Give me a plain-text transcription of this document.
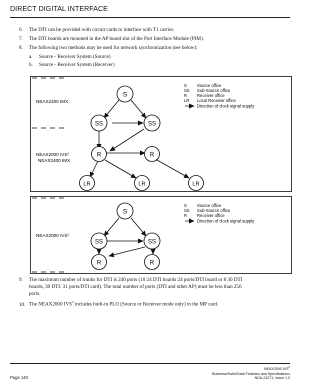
DIRECT DIGITAL INTERFACE
6. The DTI can be provided with circuit cards to interface with T1 carrier.
7. The DTI boards are mounted in the AP board slot of the Port Interface Module (PIM).
8. The following two methods may be used for network synchronization (see below):
a. Source - Receiver System (Source)
b. Source - Receiver System (Receiver)
NEAX2400 IMX
NEAX2000 IVS$^2$
NEAX2400 IMX
S
SS	SS
R	R
LR	LR	LR
S Source office
SS Sub-Source office
R Receiver office
LR Local Receiver office
Direction of clock signal supply
NEAX2000 IVS$^2$
S
SS	SS
R	R
S Source office
SS Sub-Source office
R Receiver office
Direction of clock signal supply
9. The maximum number of trunks for DTI is 240 ports (10 24 DTI boards 24 ports/DTI board or 8 30 DTI
boards, 30 DTI: 31 ports/DTI card). The total number of ports (DTI and other AP) must be less than 256
ports.
10. The NEAX2000 IVS$^2$ includes built-in PLO (Source or Receiver mode only) in the MP card.
NEAX2000 IVS$^2$
Business/Hotel/Data Features and Specifications
NDA-24271, Issue 1.0
Page 140
